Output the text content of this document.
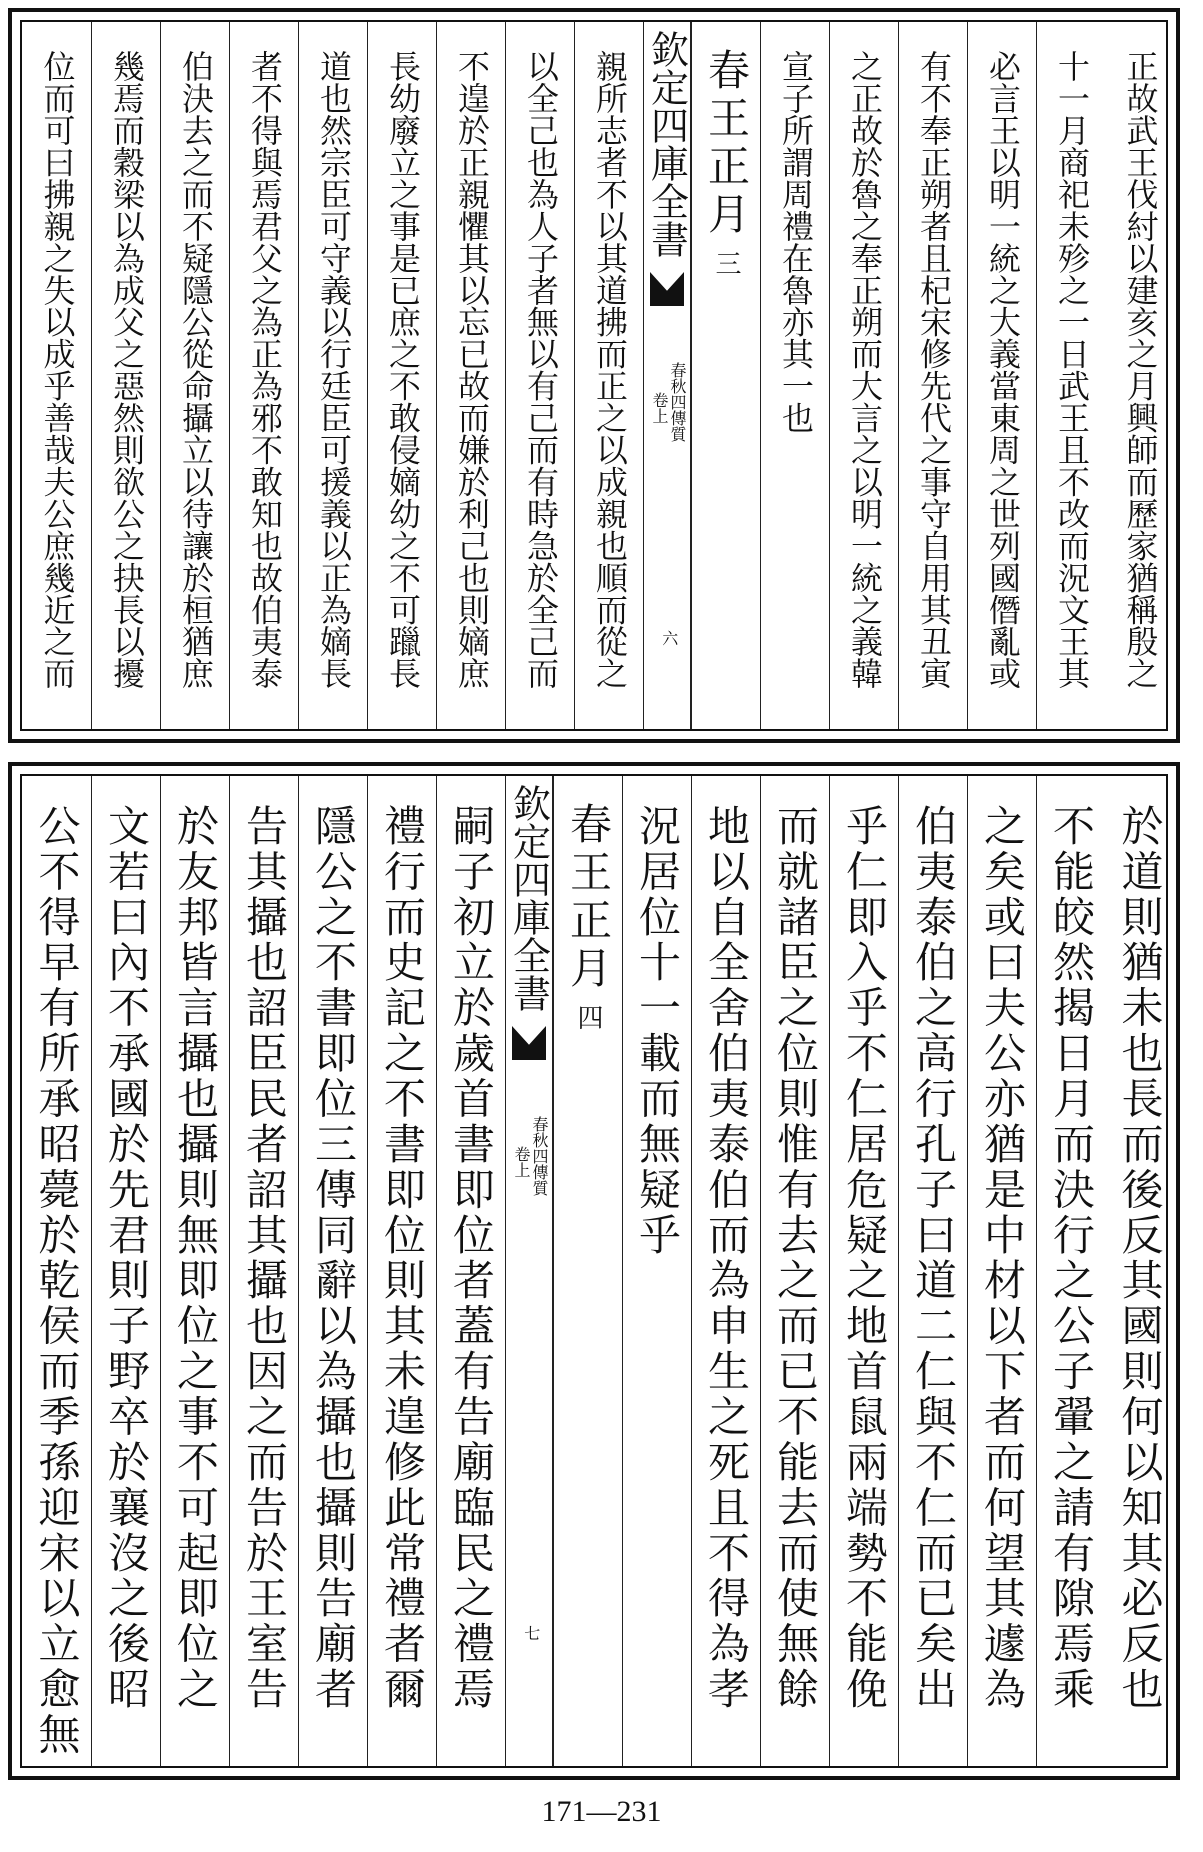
位而可曰拂親之失以成乎善哉夫公庶幾近之而 幾焉而穀梁以為成父之惡然則欲公之抉長以擾 伯決去之而不疑隱公從命攝立以待讓於桓猶庶 者不得與焉君父之為正為邪不敢知也故伯夷泰 道也然宗臣可守義以行廷臣可援義以正為嫡長 長幼廢立之事是已庶之不敢侵嫡幼之不可躐長 不遑於正親懼其以忘已故而嫌於利己也則嫡庶 以全己也為人子者無以有己而有時急於全己而 親所志者不以其道拂而正之以成親也順而從之 欽定四庫全書
春秋四傳質
卷上
六
春王正月三	宣子所謂周禮在魯亦其一也 之正故於魯之奉正朔而大言之以明一統之義韓 有不奉正朔者且杞宋修先代之事守自用其丑寅 必言王以明一統之大義當東周之世列國僭亂或 十一月商祀未殄之一日武王且不改而況文王其 正故武王伐紂以建亥之月興師而歷家猶稱殷之
公不得早有所承昭薨於乾侯而季孫迎宋以立愈無 文若曰內不承國於先君則子野卒於襄沒之後昭 於友邦皆言攝也攝則無即位之事不可起即位之 告其攝也詔臣民者詔其攝也因之而告於王室告 隱公之不書即位三傳同辭以為攝也攝則告廟者 禮行而史記之不書即位則其未遑修此常禮者爾 嗣子初立於歲首書即位者蓋有告廟臨民之禮焉 欽定四庫全書
春秋四傳質
卷上
七
春王正月四 況居位十一載而無疑乎 地以自全舍伯夷泰伯而為申生之死且不得為孝 而就諸臣之位則惟有去之而已不能去而使無餘 乎仁即入乎不仁居危疑之地首鼠兩端勢不能俛 伯夷泰伯之高行孔子曰道二仁與不仁而已矣出 之矣或曰夫公亦猶是中材以下者而何望其遽為 不能皎然揭日月而決行之公子翬之請有隙焉乘 於道則猶未也長而後反其國則何以知其必反也
171—231
